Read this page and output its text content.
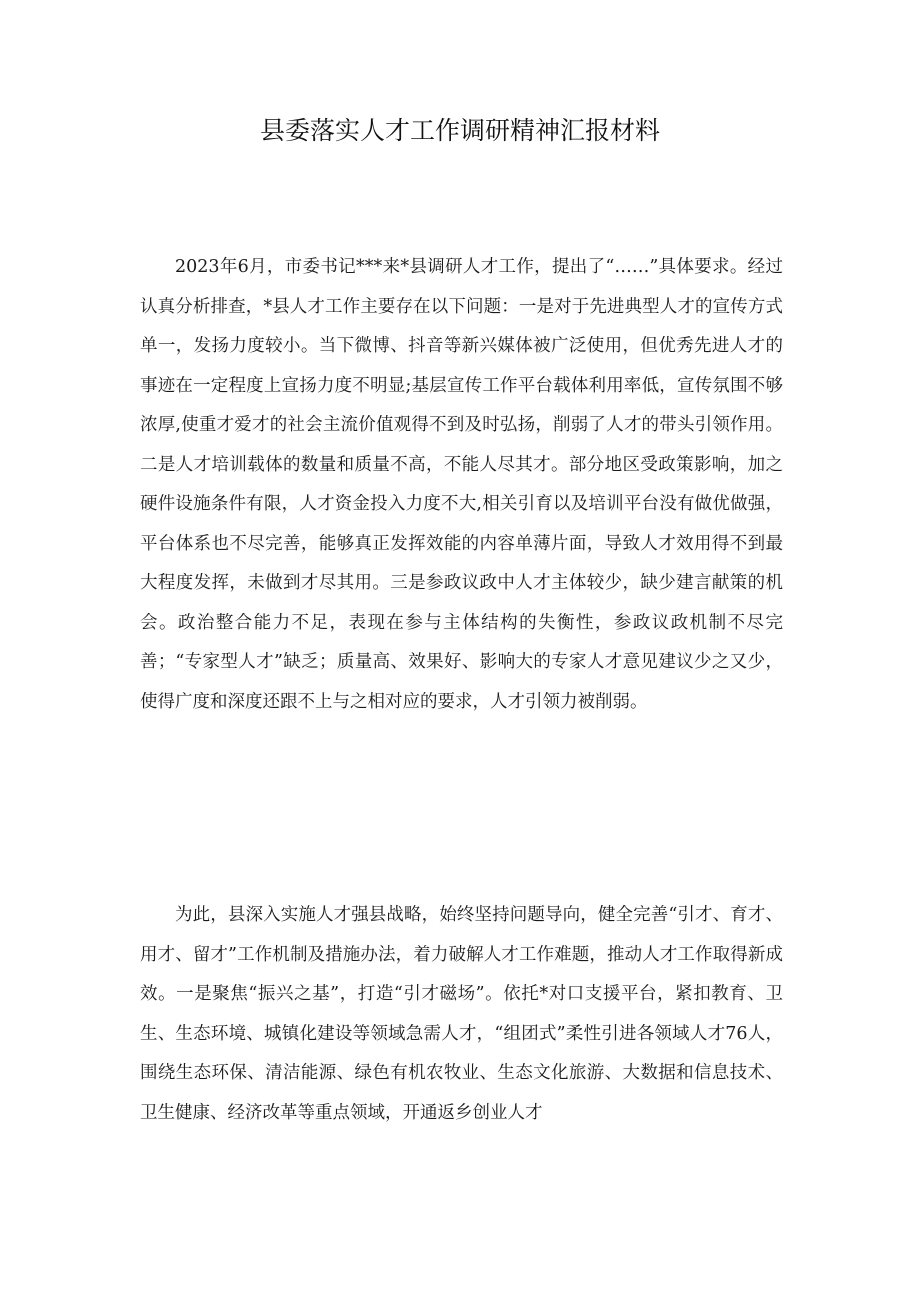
县委落实人才工作调研精神汇报材料

2023年6月，市委书记***来*县调研人才工作，提出了“……”具体要求。经过认真分析排查，*县人才工作主要存在以下问题：一是对于先进典型人才的宣传方式单一，发扬力度较小。当下微博、抖音等新兴媒体被广泛使用，但优秀先进人才的事迹在一定程度上宣扬力度不明显;基层宣传工作平台载体利用率低，宣传氛围不够浓厚,使重才爱才的社会主流价值观得不到及时弘扬，削弱了人才的带头引领作用。二是人才培训载体的数量和质量不高，不能人尽其才。部分地区受政策影响，加之硬件设施条件有限，人才资金投入力度不大,相关引育以及培训平台没有做优做强，平台体系也不尽完善，能够真正发挥效能的内容单薄片面，导致人才效用得不到最大程度发挥，未做到才尽其用。三是参政议政中人才主体较少，缺少建言献策的机会。政治整合能力不足，表现在参与主体结构的失衡性，参政议政机制不尽完善；“专家型人才”缺乏；质量高、效果好、影响大的专家人才意见建议少之又少，使得广度和深度还跟不上与之相对应的要求，人才引领力被削弱。

为此，县深入实施人才强县战略，始终坚持问题导向，健全完善“引才、育才、用才、留才”工作机制及措施办法，着力破解人才工作难题，推动人才工作取得新成效。一是聚焦“振兴之基”，打造“引才磁场”。依托*对口支援平台，紧扣教育、卫生、生态环境、城镇化建设等领域急需人才，“组团式”柔性引进各领域人才76人，围绕生态环保、清洁能源、绿色有机农牧业、生态文化旅游、大数据和信息技术、卫生健康、经济改革等重点领域，开通返乡创业人才
